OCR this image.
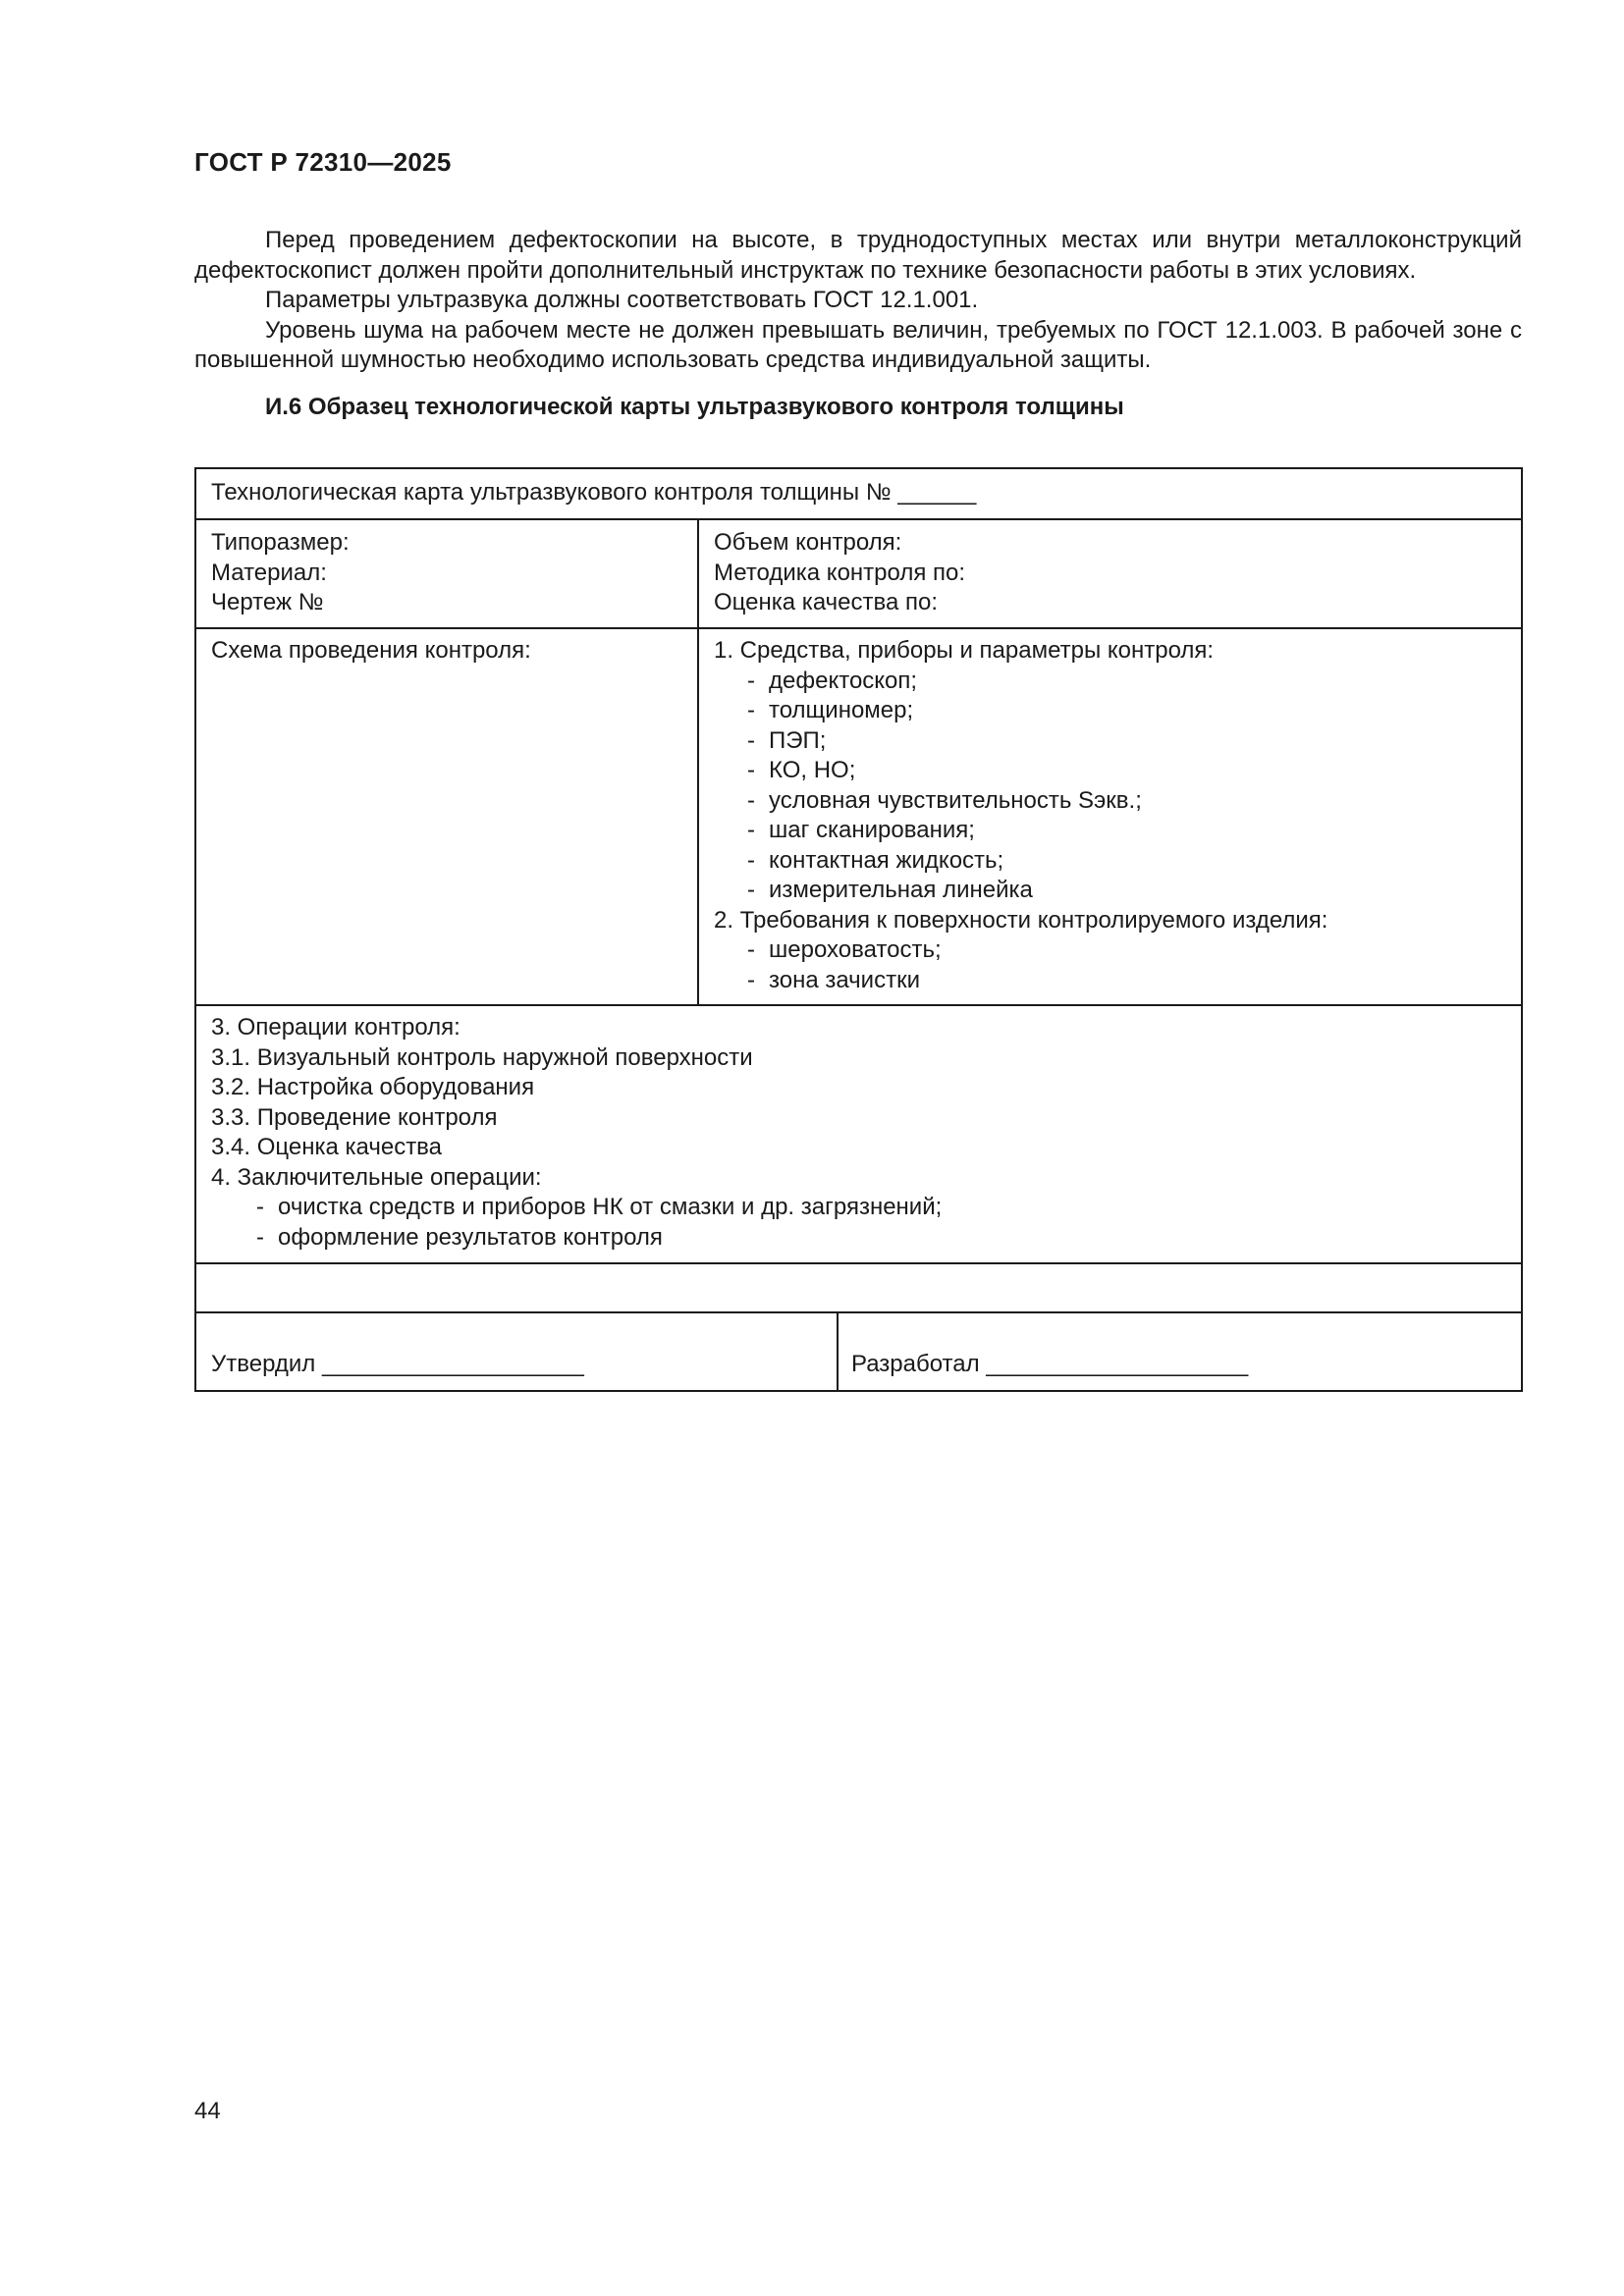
ГОСТ Р 72310—2025

Перед проведением дефектоскопии на высоте, в труднодоступных местах или внутри металлоконструкций дефектоскопист должен пройти дополнительный инструктаж по технике безопасности работы в этих условиях.

Параметры ультразвука должны соответствовать ГОСТ 12.1.001.

Уровень шума на рабочем месте не должен превышать величин, требуемых по ГОСТ 12.1.003. В рабочей зоне с повышенной шумностью необходимо использовать средства индивидуальной защиты.

И.6 Образец технологической карты ультразвукового контроля толщины
Технологическая карта ультразвукового контроля толщины № ______
Типоразмер:
Материал:
Чертеж №
Объем контроля:
Методика контроля по:
Оценка качества по:
Схема проведения контроля:	1. Средства, приборы и параметры контроля:
- дефектоскоп;
- толщиномер;
- ПЭП;
- КО, НО;
- условная чувствительность Sэкв.;
- шаг сканирования;
- контактная жидкость;
- измерительная линейка
2. Требования к поверхности контролируемого изделия:
- шероховатость;
- зона зачистки
3. Операции контроля:
3.1. Визуальный контроль наружной поверхности
3.2. Настройка оборудования
3.3. Проведение контроля
3.4. Оценка качества
4. Заключительные операции:
- очистка средств и приборов НК от смазки и др. загрязнений;
- оформление результатов контроля
Утвердил ____________________	Разработал ____________________
44
